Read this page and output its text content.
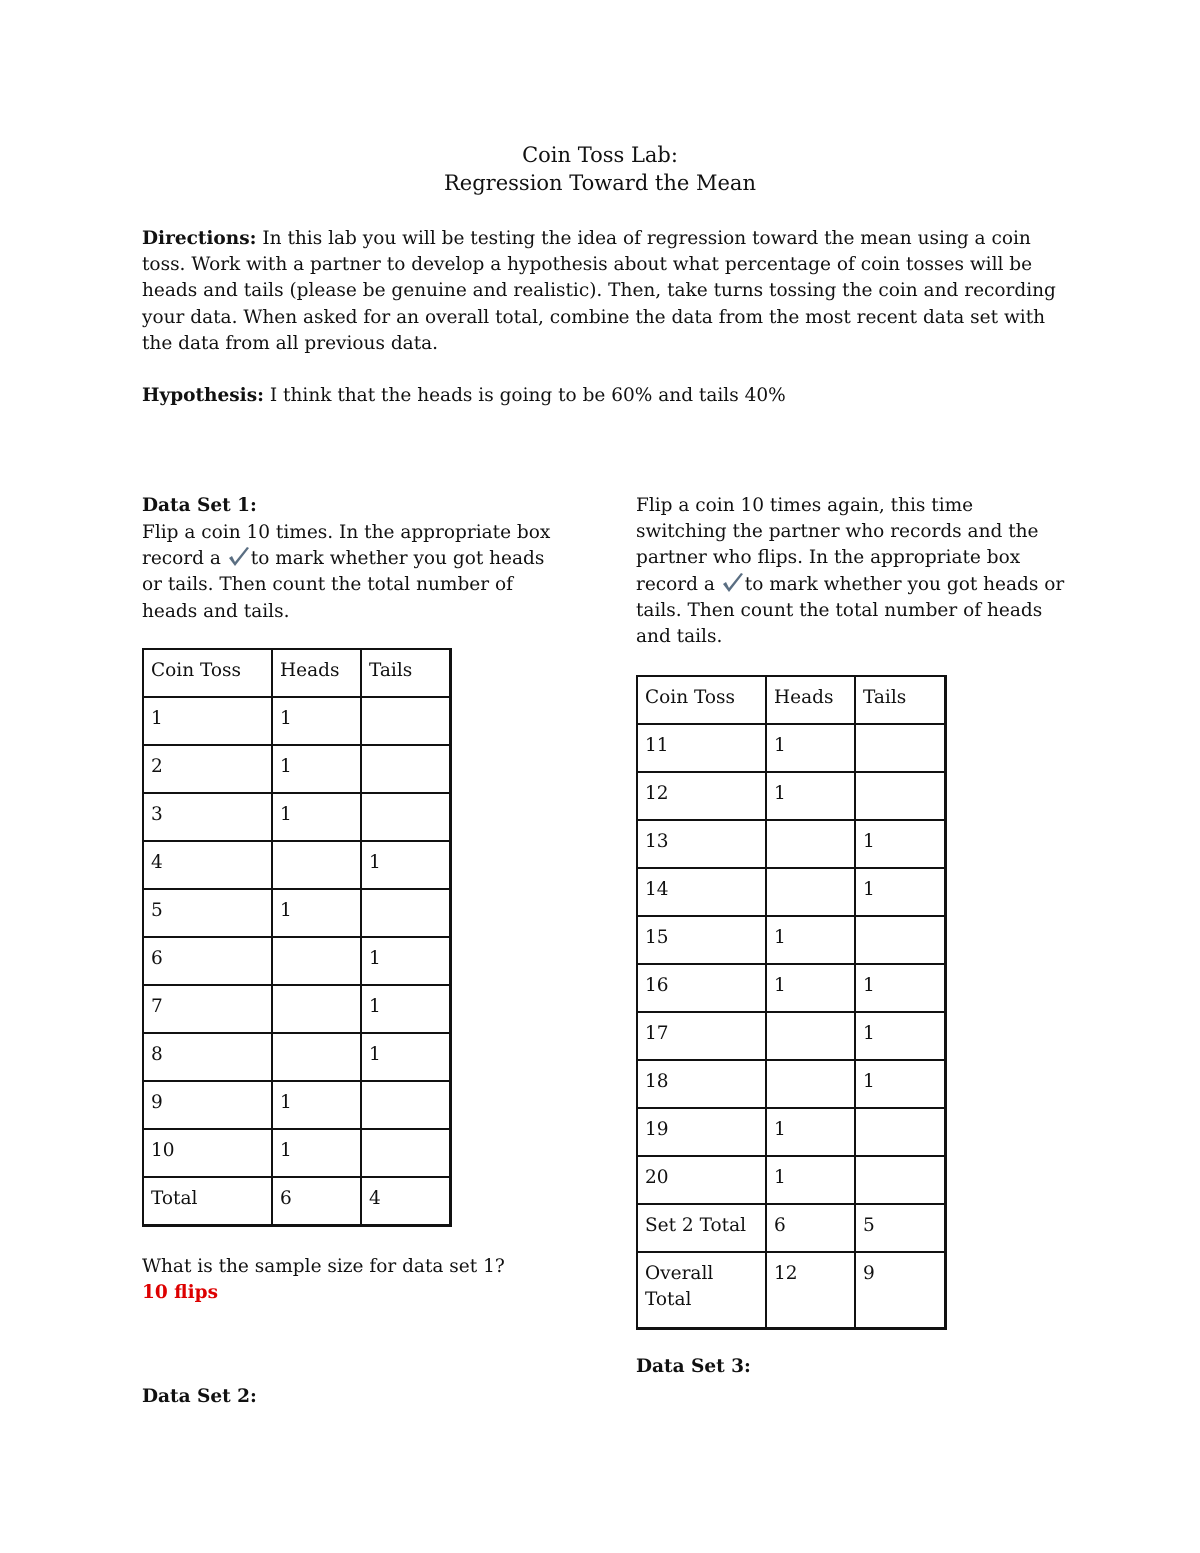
Coin Toss Lab:
Regression Toward the Mean

Directions: In this lab you will be testing the idea of regression toward the mean using a coin toss. Work with a partner to develop a hypothesis about what percentage of coin tosses will be heads and tails (please be genuine and realistic). Then, take turns tossing the coin and recording your data. When asked for an overall total, combine the data from the most recent data set with the data from all previous data.

Hypothesis: I think that the heads is going to be 60% and tails 40%

Data Set 1:

Flip a coin 10 times. In the appropriate box record a to mark whether you got heads or tails. Then count the total number of heads and tails.

Coin Toss	Heads	Tails
1	1	
2	1	
3	1	
4		1
5	1	
6		1
7		1
8		1
9	1	
10	1	
Total	6	4

What is the sample size for data set 1?

10 flips

Data Set 2:

Flip a coin 10 times again, this time switching the partner who records and the partner who flips. In the appropriate box record a to mark whether you got heads or tails. Then count the total number of heads and tails.

Coin Toss	Heads	Tails
11	1	
12	1	
13		1
14		1
15	1	
16	1	1
17		1
18		1
19	1	
20	1	
Set 2 Total	6	5
Overall Total	12	9

Data Set 3:
